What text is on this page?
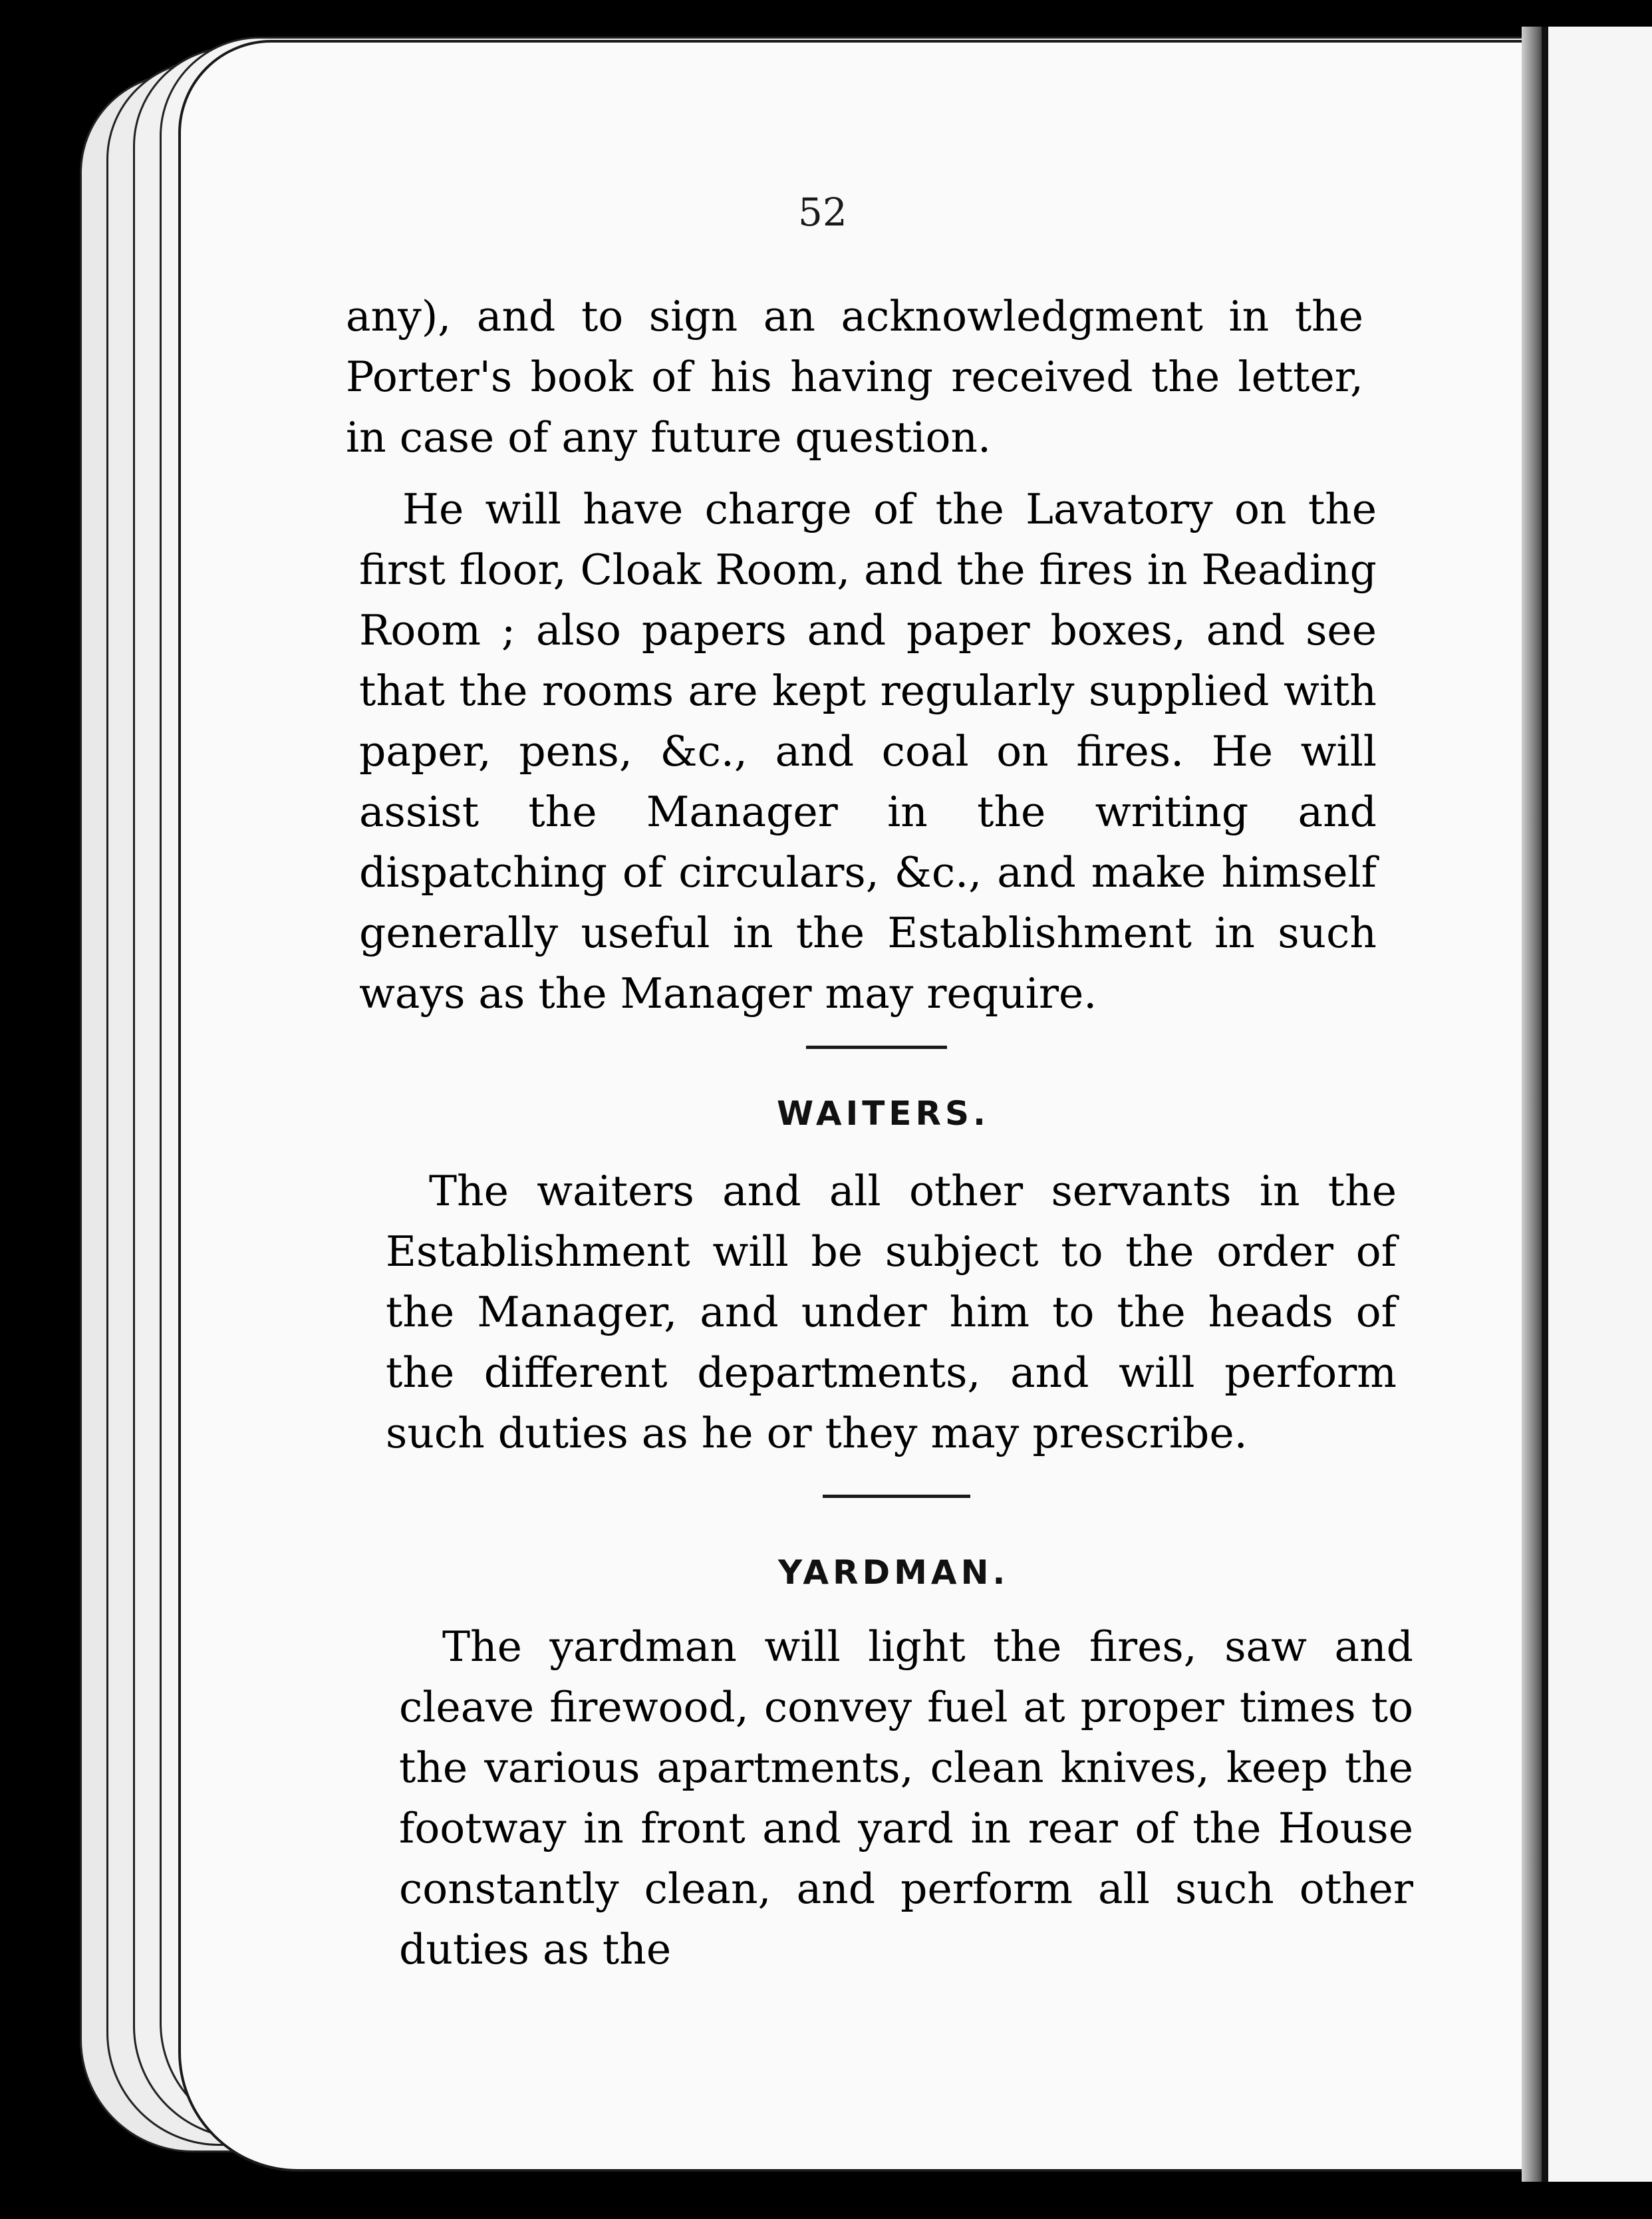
52

any), and to sign an acknowledgment in the Porter's book of his having received the letter, in case of any future question.

He will have charge of the Lavatory on the first floor, Cloak Room, and the fires in Reading Room ; also papers and paper boxes, and see that the rooms are kept regularly supplied with paper, pens, &c., and coal on fires. He will assist the Manager in the writing and dispatching of circulars, &c., and make himself generally useful in the Establishment in such ways as the Manager may require.

WAITERS.

The waiters and all other servants in the Establishment will be subject to the order of the Manager, and under him to the heads of the different departments, and will perform such duties as he or they may prescribe.

YARDMAN.

The yardman will light the fires, saw and cleave firewood, convey fuel at proper times to the various apartments, clean knives, keep the footway in front and yard in rear of the House constantly clean, and perform all such other duties as the
